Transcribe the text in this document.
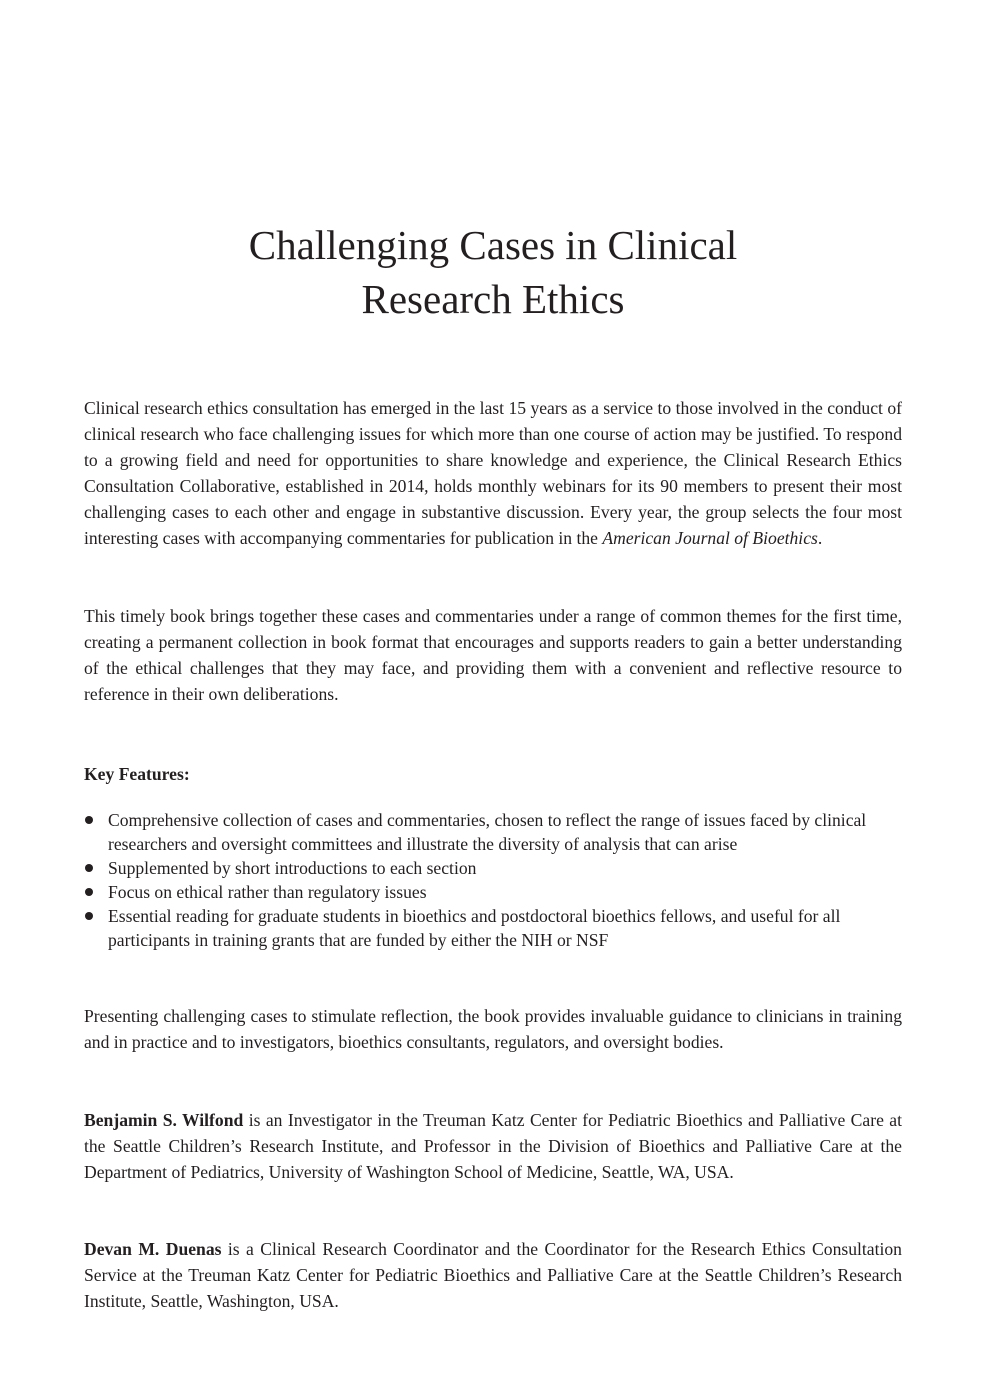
Challenging Cases in Clinical
Research Ethics

Clinical research ethics consultation has emerged in the last 15 years as a service to those involved in the conduct of clinical research who face challenging issues for which more than one course of action may be justified. To respond to a growing field and need for opportunities to share knowledge and experience, the Clinical Research Ethics Consultation Collaborative, established in 2014, holds monthly webinars for its 90 members to present their most challenging cases to each other and engage in substantive discussion. Every year, the group selects the four most interesting cases with accompanying commentaries for publication in the American Journal of Bioethics.

This timely book brings together these cases and commentaries under a range of common themes for the first time, creating a permanent collection in book format that encourages and supports readers to gain a better understanding of the ethical challenges that they may face, and providing them with a convenient and reflective resource to reference in their own deliberations.

Key Features:

Comprehensive collection of cases and commentaries, chosen to reflect the range of issues faced by clinical researchers and oversight committees and illustrate the diversity of analysis that can arise
Supplemented by short introductions to each section
Focus on ethical rather than regulatory issues
Essential reading for graduate students in bioethics and postdoctoral bioethics fellows, and useful for all participants in training grants that are funded by either the NIH or NSF

Presenting challenging cases to stimulate reflection, the book provides invaluable guidance to clinicians in training and in practice and to investigators, bioethics consultants, regulators, and oversight bodies.

Benjamin S. Wilfond is an Investigator in the Treuman Katz Center for Pediatric Bioethics and Palliative Care at the Seattle Children’s Research Institute, and Professor in the Division of Bioethics and Palliative Care at the Department of Pediatrics, University of Washington School of Medicine, Seattle, WA, USA.

Devan M. Duenas is a Clinical Research Coordinator and the Coordinator for the Research Ethics Consultation Service at the Treuman Katz Center for Pediatric Bioethics and Palliative Care at the Seattle Children’s Research Institute, Seattle, Washington, USA.
